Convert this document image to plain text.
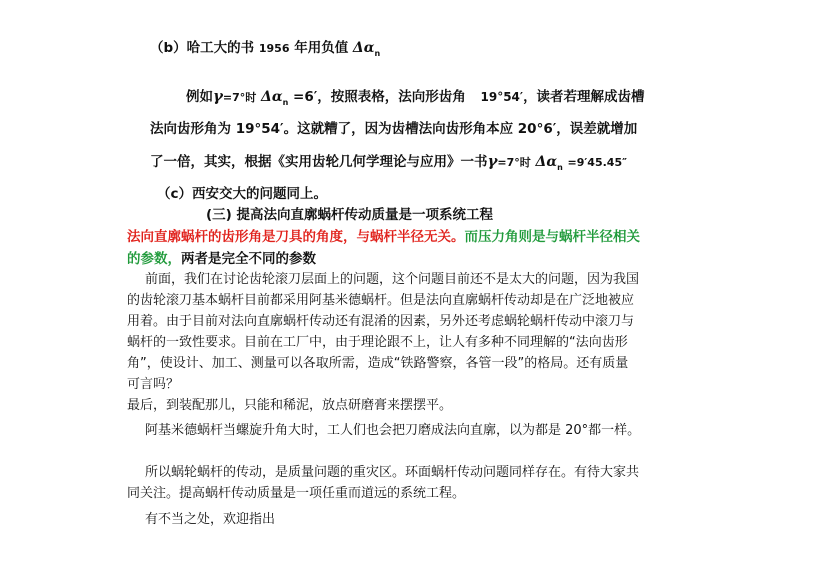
（b）哈工大的书 1956 年用负值 $\Delta\alpha_n$
例如γ=7°时 $\Delta\alpha_n =6'$，按照表格，法向形齿角 19°54′，读者若理解成齿槽
法向齿形角为 19°54′。这就糟了，因为齿槽法向齿形角本应 20°6′，误差就增加
了一倍，其实，根据《实用齿轮几何学理论与应用》一书γ=7°时 $\Delta\alpha_n =9'45.45''$
（c）西安交大的问题同上。
(三) 提高法向直廓蜗杆传动质量是一项系统工程
法向直廓蜗杆的齿形角是刀具的角度，与蜗杆半径无关。而压力角则是与蜗杆半径相关
的参数，两者是完全不同的参数
前面，我们在讨论齿轮滚刀层面上的问题，这个问题目前还不是太大的问题，因为我国
的齿轮滚刀基本蜗杆目前都采用阿基米德蜗杆。但是法向直廓蜗杆传动却是在广泛地被应
用着。由于目前对法向直廓蜗杆传动还有混淆的因素，另外还考虑蜗轮蜗杆传动中滚刀与
蜗杆的一致性要求。目前在工厂中，由于理论跟不上，让人有多种不同理解的“法向齿形
角”，使设计、加工、测量可以各取所需，造成“铁路警察，各管一段”的格局。还有质量
可言吗？
最后，到装配那儿，只能和稀泥，放点研磨膏来摆摆平。
阿基米德蜗杆当螺旋升角大时，工人们也会把刀磨成法向直廓，以为都是 20°都一样。
所以蜗轮蜗杆的传动，是质量问题的重灾区。环面蜗杆传动问题同样存在。有待大家共
同关注。提高蜗杆传动质量是一项任重而道远的系统工程。
有不当之处，欢迎指出
